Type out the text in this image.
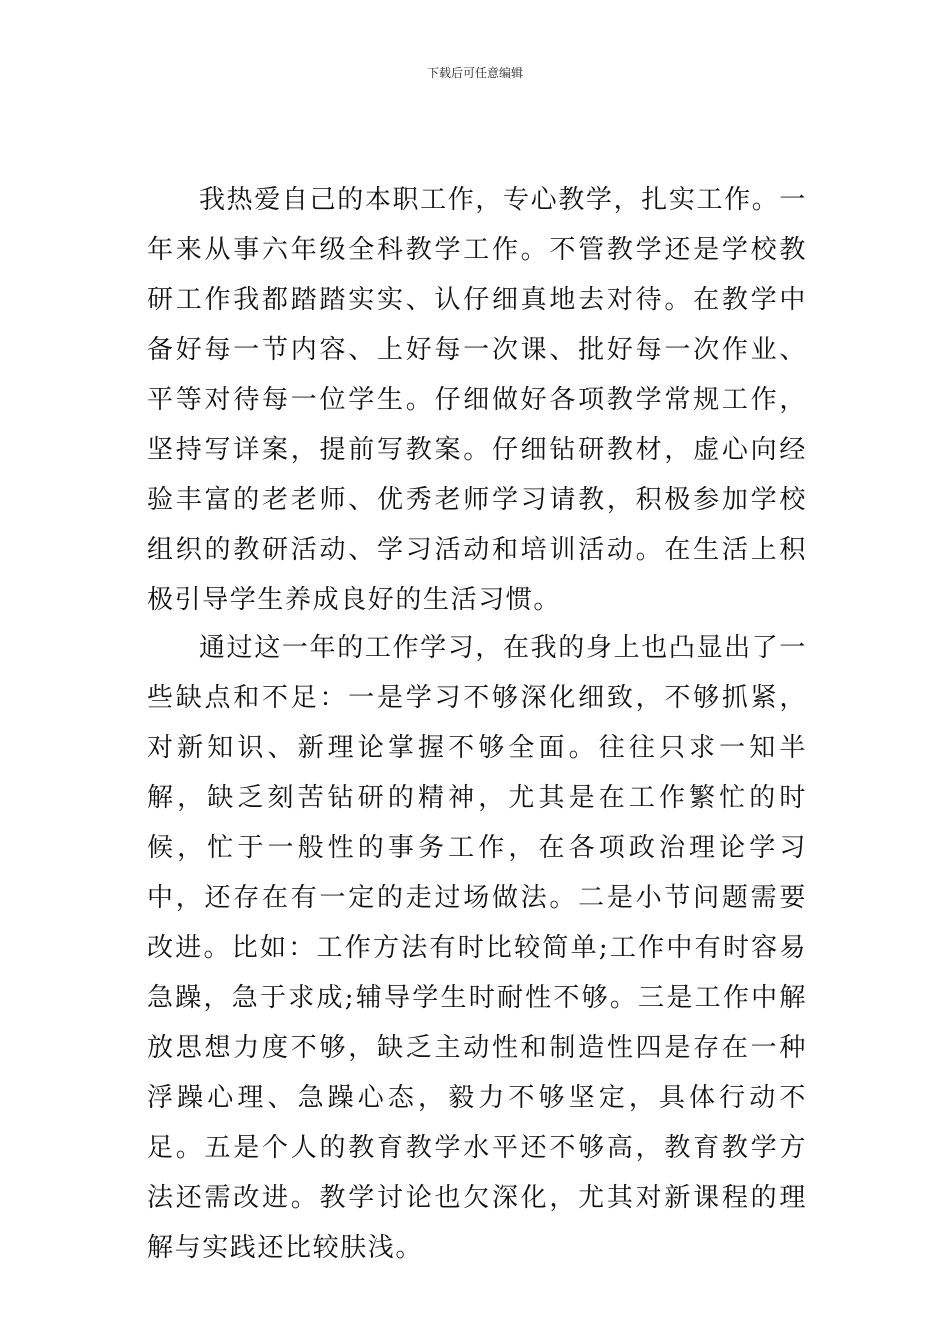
下载后可任意编辑

我热爱自己的本职工作，专心教学，扎实工作。一年来从事六年级全科教学工作。不管教学还是学校教研工作我都踏踏实实、认仔细真地去对待。在教学中备好每一节内容、上好每一次课、批好每一次作业、平等对待每一位学生。仔细做好各项教学常规工作，坚持写详案，提前写教案。仔细钻研教材，虚心向经验丰富的老老师、优秀老师学习请教，积极参加学校组织的教研活动、学习活动和培训活动。在生活上积极引导学生养成良好的生活习惯。

通过这一年的工作学习，在我的身上也凸显出了一些缺点和不足：一是学习不够深化细致，不够抓紧，对新知识、新理论掌握不够全面。往往只求一知半解，缺乏刻苦钻研的精神，尤其是在工作繁忙的时候，忙于一般性的事务工作，在各项政治理论学习中，还存在有一定的走过场做法。二是小节问题需要改进。比如：工作方法有时比较简单;工作中有时容易急躁，急于求成;辅导学生时耐性不够。三是工作中解放思想力度不够，缺乏主动性和制造性四是存在一种浮躁心理、急躁心态，毅力不够坚定，具体行动不足。五是个人的教育教学水平还不够高，教育教学方法还需改进。教学讨论也欠深化，尤其对新课程的理解与实践还比较肤浅。
